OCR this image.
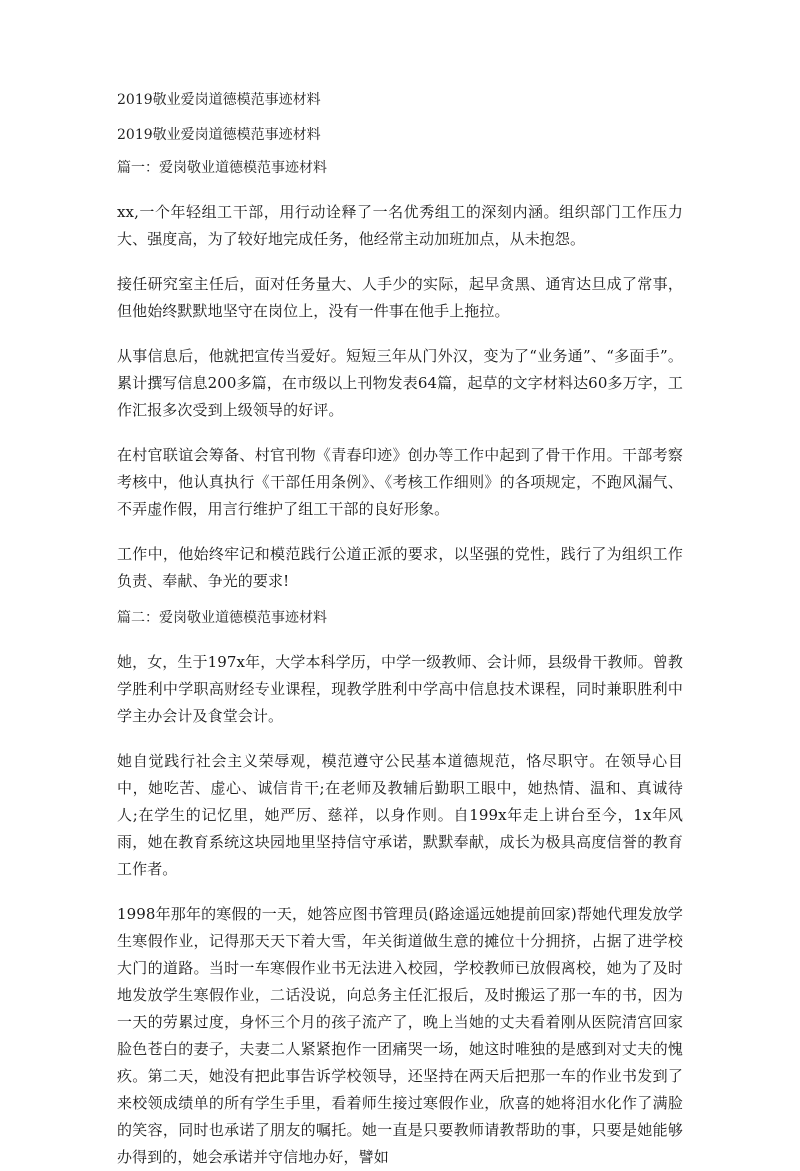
2019敬业爱岗道德模范事迹材料

2019敬业爱岗道德模范事迹材料

篇一：爱岗敬业道德模范事迹材料

xx,一个年轻组工干部，用行动诠释了一名优秀组工的深刻内涵。组织部门工作压力大、强度高，为了较好地完成任务，他经常主动加班加点，从未抱怨。

接任研究室主任后，面对任务量大、人手少的实际，起早贪黑、通宵达旦成了常事，但他始终默默地坚守在岗位上，没有一件事在他手上拖拉。

从事信息后，他就把宣传当爱好。短短三年从门外汉，变为了“业务通”、“多面手”。累计撰写信息200多篇，在市级以上刊物发表64篇，起草的文字材料达60多万字，工作汇报多次受到上级领导的好评。

在村官联谊会筹备、村官刊物《青春印迹》创办等工作中起到了骨干作用。干部考察考核中，他认真执行《干部任用条例》、《考核工作细则》的各项规定，不跑风漏气、不弄虚作假，用言行维护了组工干部的良好形象。

工作中，他始终牢记和模范践行公道正派的要求，以坚强的党性，践行了为组织工作负责、奉献、争光的要求!

篇二：爱岗敬业道德模范事迹材料

她，女，生于197x年，大学本科学历，中学一级教师、会计师，县级骨干教师。曾教学胜利中学职高财经专业课程，现教学胜利中学高中信息技术课程，同时兼职胜利中学主办会计及食堂会计。

她自觉践行社会主义荣辱观，模范遵守公民基本道德规范，恪尽职守。在领导心目中，她吃苦、虚心、诚信肯干;在老师及教辅后勤职工眼中，她热情、温和、真诚待人;在学生的记忆里，她严厉、慈祥，以身作则。自199x年走上讲台至今，1x年风雨，她在教育系统这块园地里坚持信守承诺，默默奉献，成长为极具高度信誉的教育工作者。

1998年那年的寒假的一天，她答应图书管理员(路途遥远她提前回家)帮她代理发放学生寒假作业，记得那天天下着大雪，年关街道做生意的摊位十分拥挤，占据了进学校大门的道路。当时一车寒假作业书无法进入校园，学校教师已放假离校，她为了及时地发放学生寒假作业，二话没说，向总务主任汇报后，及时搬运了那一车的书，因为一天的劳累过度，身怀三个月的孩子流产了，晚上当她的丈夫看着刚从医院清宫回家脸色苍白的妻子，夫妻二人紧紧抱作一团痛哭一场，她这时唯独的是感到对丈夫的愧疚。第二天，她没有把此事告诉学校领导，还坚持在两天后把那一车的作业书发到了来校领成绩单的所有学生手里，看着师生接过寒假作业，欣喜的她将泪水化作了满脸的笑容，同时也承诺了朋友的嘱托。她一直是只要教师请教帮助的事，只要是她能够办得到的，她会承诺并守信地办好，譬如
